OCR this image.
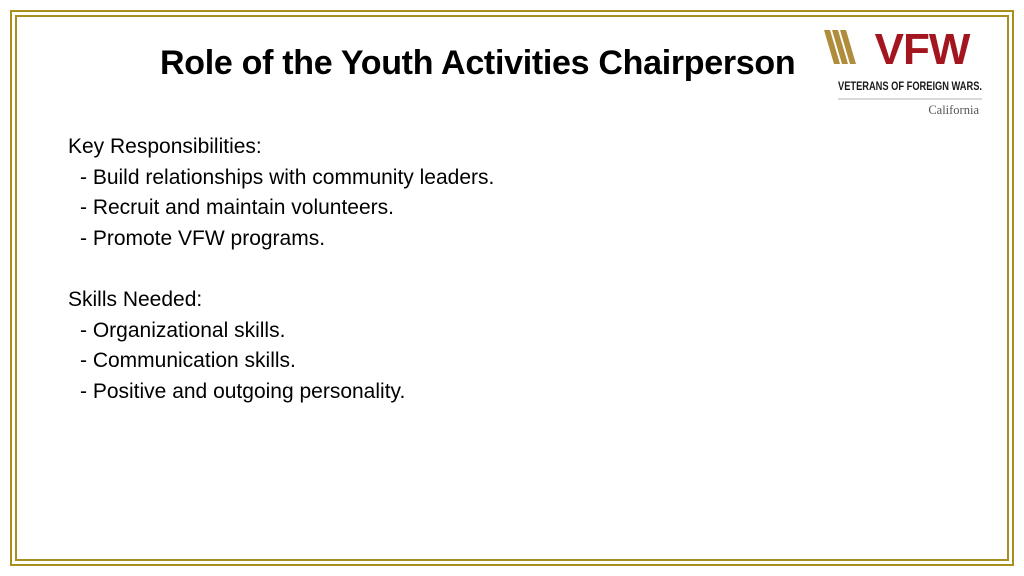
Role of the Youth Activities Chairperson VFW
VETERANS OF FOREIGN WARS.
California

Key Responsibilities:

- Build relationships with community leaders.
- Recruit and maintain volunteers.
- Promote VFW programs.

Skills Needed:

- Organizational skills.
- Communication skills.
- Positive and outgoing personality.
